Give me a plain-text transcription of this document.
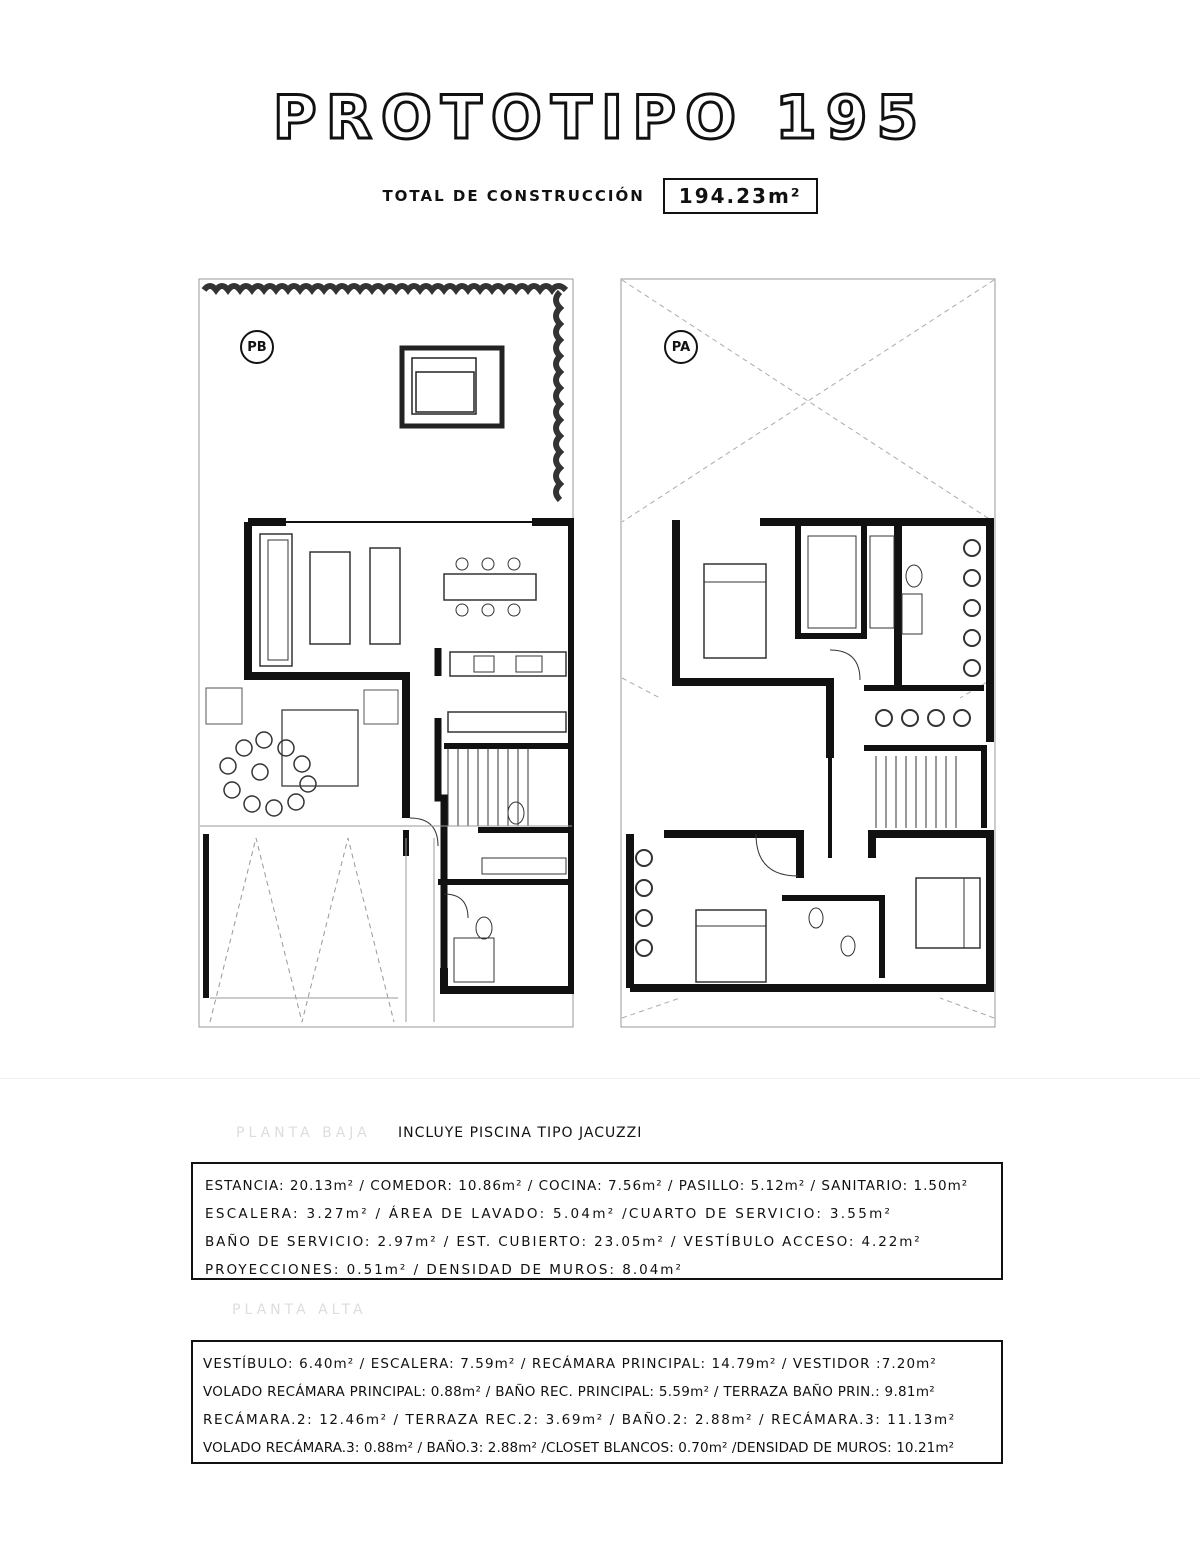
PROTOTIPO 195
TOTAL DE CONSTRUCCIÓN	194.23m²
PB	PA
PLANTA BAJA INCLUYE PISCINA TIPO JACUZZI

ESTANCIA: 20.13m² / COMEDOR: 10.86m² / COCINA: 7.56m² / PASILLO: 5.12m² / SANITARIO: 1.50m²

ESCALERA: 3.27m² / ÁREA DE LAVADO: 5.04m² /CUARTO DE SERVICIO: 3.55m²

BAÑO DE SERVICIO: 2.97m² / EST. CUBIERTO: 23.05m² / VESTÍBULO ACCESO: 4.22m²

PROYECCIONES: 0.51m² / DENSIDAD DE MUROS: 8.04m²

PLANTA ALTA

VESTÍBULO: 6.40m² / ESCALERA: 7.59m² / RECÁMARA PRINCIPAL: 14.79m² / VESTIDOR :7.20m²

VOLADO RECÁMARA PRINCIPAL: 0.88m² / BAÑO REC. PRINCIPAL: 5.59m² / TERRAZA BAÑO PRIN.: 9.81m²

RECÁMARA.2: 12.46m² / TERRAZA REC.2: 3.69m² / BAÑO.2: 2.88m² / RECÁMARA.3: 11.13m²

VOLADO RECÁMARA.3: 0.88m² / BAÑO.3: 2.88m² /CLOSET BLANCOS: 0.70m² /DENSIDAD DE MUROS: 10.21m²
